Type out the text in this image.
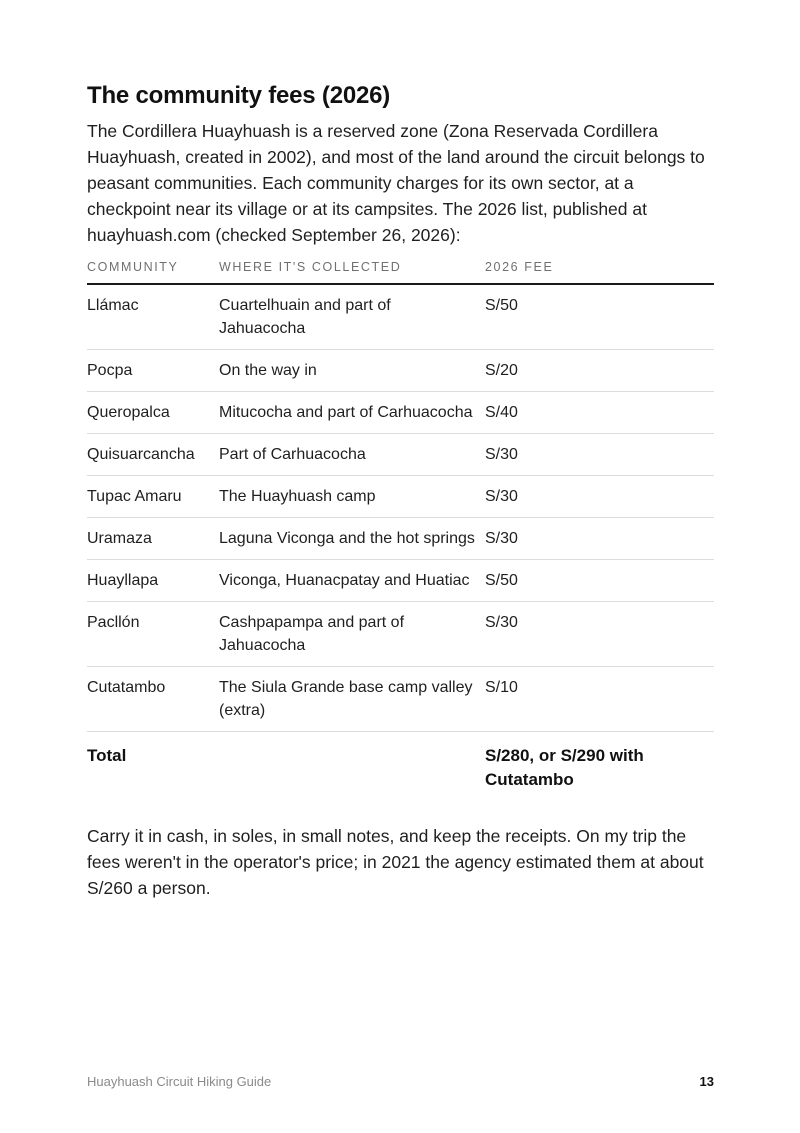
The community fees (2026)

The Cordillera Huayhuash is a reserved zone (Zona Reservada Cordillera Huayhuash, created in 2002), and most of the land around the circuit belongs to peasant communities. Each community charges for its own sector, at a checkpoint near its village or at its campsites. The 2026 list, published at huayhuash.com (checked September 26, 2026):

COMMUNITY	WHERE IT'S COLLECTED	2026 FEE
Llámac	Cuartelhuain and part of Jahuacocha	S/50
Pocpa	On the way in	S/20
Queropalca	Mitucocha and part of Carhuacocha	S/40
Quisuarcancha	Part of Carhuacocha	S/30
Tupac Amaru	The Huayhuash camp	S/30
Uramaza	Laguna Viconga and the hot springs	S/30
Huayllapa	Viconga, Huanacpatay and Huatiac	S/50
Pacllón	Cashpapampa and part of Jahuacocha	S/30
Cutatambo	The Siula Grande base camp valley (extra)	S/10
Total		S/280, or S/290 with Cutatambo

Carry it in cash, in soles, in small notes, and keep the receipts. On my trip the fees weren't in the operator's price; in 2021 the agency estimated them at about S/260 a person.

Huayhuash Circuit Hiking Guide	13
